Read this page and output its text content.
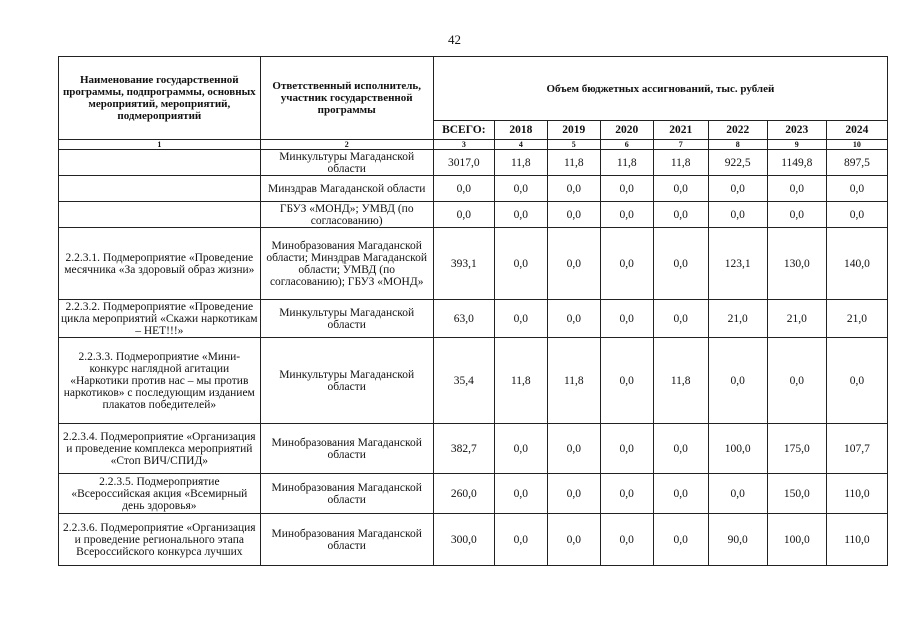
42
Наименование государственной программы, подпрограммы, основных мероприятий, мероприятий, подмероприятий	Ответственный исполнитель, участник государственной программы	Объем бюджетных ассигнований, тыс. рублей							
		ВСЕГО:	2018	2019	2020	2021	2022	2023	2024
1	2	3	4	5	6	7	8	9	10
	Минкультуры Магаданской области	3017,0	11,8	11,8	11,8	11,8	922,5	1149,8	897,5
	Минздрав Магаданской области	0,0	0,0	0,0	0,0	0,0	0,0	0,0	0,0
	ГБУЗ «МОНД»; УМВД (по согласованию)	0,0	0,0	0,0	0,0	0,0	0,0	0,0	0,0
2.2.3.1. Подмероприятие «Проведение месячника «За здоровый образ жизни»	Минобразования Магаданской области; Минздрав Магаданской области; УМВД (по согласованию); ГБУЗ «МОНД»	393,1	0,0	0,0	0,0	0,0	123,1	130,0	140,0
2.2.3.2. Подмероприятие «Проведение цикла мероприятий «Скажи наркотикам – НЕТ!!!»	Минкультуры Магаданской области	63,0	0,0	0,0	0,0	0,0	21,0	21,0	21,0
2.2.3.3. Подмероприятие «Мини-конкурс наглядной агитации «Наркотики против нас – мы против наркотиков» с последующим изданием плакатов победителей»	Минкультуры Магаданской области	35,4	11,8	11,8	0,0	11,8	0,0	0,0	0,0
2.2.3.4. Подмероприятие «Организация и проведение комплекса мероприятий «Стоп ВИЧ/СПИД»	Минобразования Магаданской области	382,7	0,0	0,0	0,0	0,0	100,0	175,0	107,7
2.2.3.5. Подмероприятие «Всероссийская акция «Всемирный день здоровья»	Минобразования Магаданской области	260,0	0,0	0,0	0,0	0,0	0,0	150,0	110,0
2.2.3.6. Подмероприятие «Организация и проведение регионального этапа Всероссийского конкурса лучших	Минобразования Магаданской области	300,0	0,0	0,0	0,0	0,0	90,0	100,0	110,0
